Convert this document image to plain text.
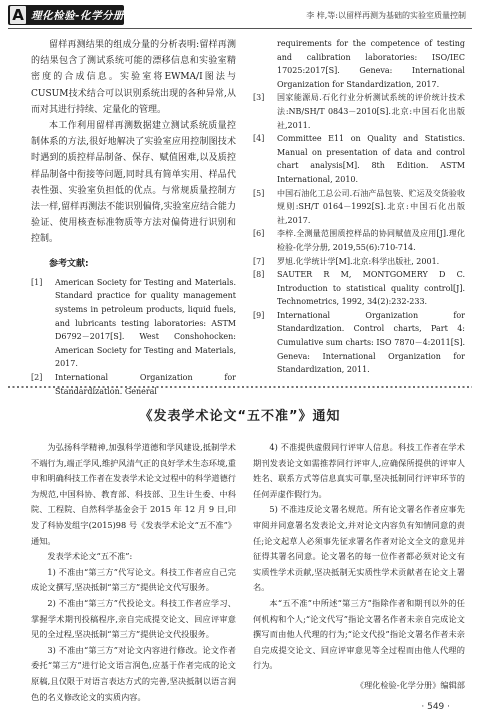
A 理化检验-化学分册	李 梓,等:以留样再测为基础的实验室质量控制

留样再测结果的组成分量的分析表明:留样再测的结果包含了测试系统可能的漂移信息和实验室精密度的合成信息。实验室将EWMA/I图法与CUSUM技术结合可以识别系统出现的各种异常,从而对其进行持续、定量化的管理。

本工作利用留样再测数据建立测试系统质量控制体系的方法,很好地解决了实验室应用控制图技术时遇到的质控样品制备、保存、赋值困难,以及质控样品制备中衔接等问题,同时具有简单实用、样品代表性强、实验室负担低的优点。与常规质量控制方法一样,留样再测法不能识别偏倚,实验室应结合能力验证、使用核查标准物质等方法对偏倚进行识别和控制。

参考文献:

[1]	American Society for Testing and Materials. Standard practice for quality management systems in petroleum products, liquid fuels, and lubricants testing laboratories: ASTM D6792－2017[S]. West Conshohocken: American Society for Testing and Materials, 2017.
[2]	International Organization for Standardization. General
requirements for the competence of testing and calibration laboratories: ISO/IEC 17025:2017[S]. Geneva: International Organization for Standardization, 2017.
[3]	国家能源局.石化行业分析测试系统的评价统计技术法:NB/SH/T 0843－2010[S].北京:中国石化出版社,2011.
[4]	Committee E11 on Quality and Statistics. Manual on presentation of data and control chart analysis[M]. 8th Edition. ASTM International, 2010.
[5]	中国石油化工总公司.石油产品包装、贮运及交货验收规则:SH/T 0164－1992[S].北京:中国石化出版社,2017.
[6]	李梓.全测量范围质控样品的协同赋值及应用[J].理化检验-化学分册, 2019,55(6):710-714.
[7]	罗旭.化学统计学[M].北京:科学出版社, 2001.
[8]	SAUTER R M, MONTGOMERY D C. Introduction to statistical quality control[J]. Technometrics, 1992, 34(2):232-233.
[9]	International Organization for Standardization. Control charts, Part 4: Cumulative sum charts: ISO 7870－4:2011[S]. Geneva: International Organization for Standardization, 2011.
《发表学术论文“五不准”》通知

为弘扬科学精神,加强科学道德和学风建设,抵制学术不端行为,端正学风,维护风清气正的良好学术生态环境,重申和明确科技工作者在发表学术论文过程中的科学道德行为规范,中国科协、教育部、科技部、卫生计生委、中科院、工程院、自然科学基金会于 2015 年 12 月 9 日,印发了科协发组字(2015)98 号《发表学术论文“五不准”》通知。

发表学术论文“五不准”:

1) 不准由“第三方”代写论文。科技工作者应自己完成论文撰写,坚决抵制“第三方”提供论文代写服务。

2) 不准由“第三方”代投论文。科技工作者应学习、掌握学术期刊投稿程序,亲自完成提交论文、回应评审意见的全过程,坚决抵制“第三方”提供论文代投服务。

3) 不准由“第三方”对论文内容进行修改。论文作者委托“第三方”进行论文语言润色,应基于作者完成的论文原稿,且仅限于对语言表达方式的完善,坚决抵制以语言润色的名义修改论文的实质内容。

4) 不准提供虚假同行评审人信息。科技工作者在学术期刊发表论文如需推荐同行评审人,应确保所提供的评审人姓名、联系方式等信息真实可靠,坚决抵制同行评审环节的任何弄虚作假行为。

5) 不准违反论文署名规范。所有论文署名作者应事先审阅并同意署名发表论文,并对论文内容负有知情同意的责任;论文起草人必须事先征求署名作者对论文全文的意见并征得其署名同意。论文署名的每一位作者都必须对论文有实质性学术贡献,坚决抵制无实质性学术贡献者在论文上署名。

本“五不准”中所述“第三方”指除作者和期刊以外的任何机构和个人;“论文代写”指论文署名作者未亲自完成论文撰写而由他人代理的行为;“论文代投”指论文署名作者未亲自完成提交论文、回应评审意见等全过程而由他人代理的行为。

《理化检验-化学分册》编辑部

· 549 ·
